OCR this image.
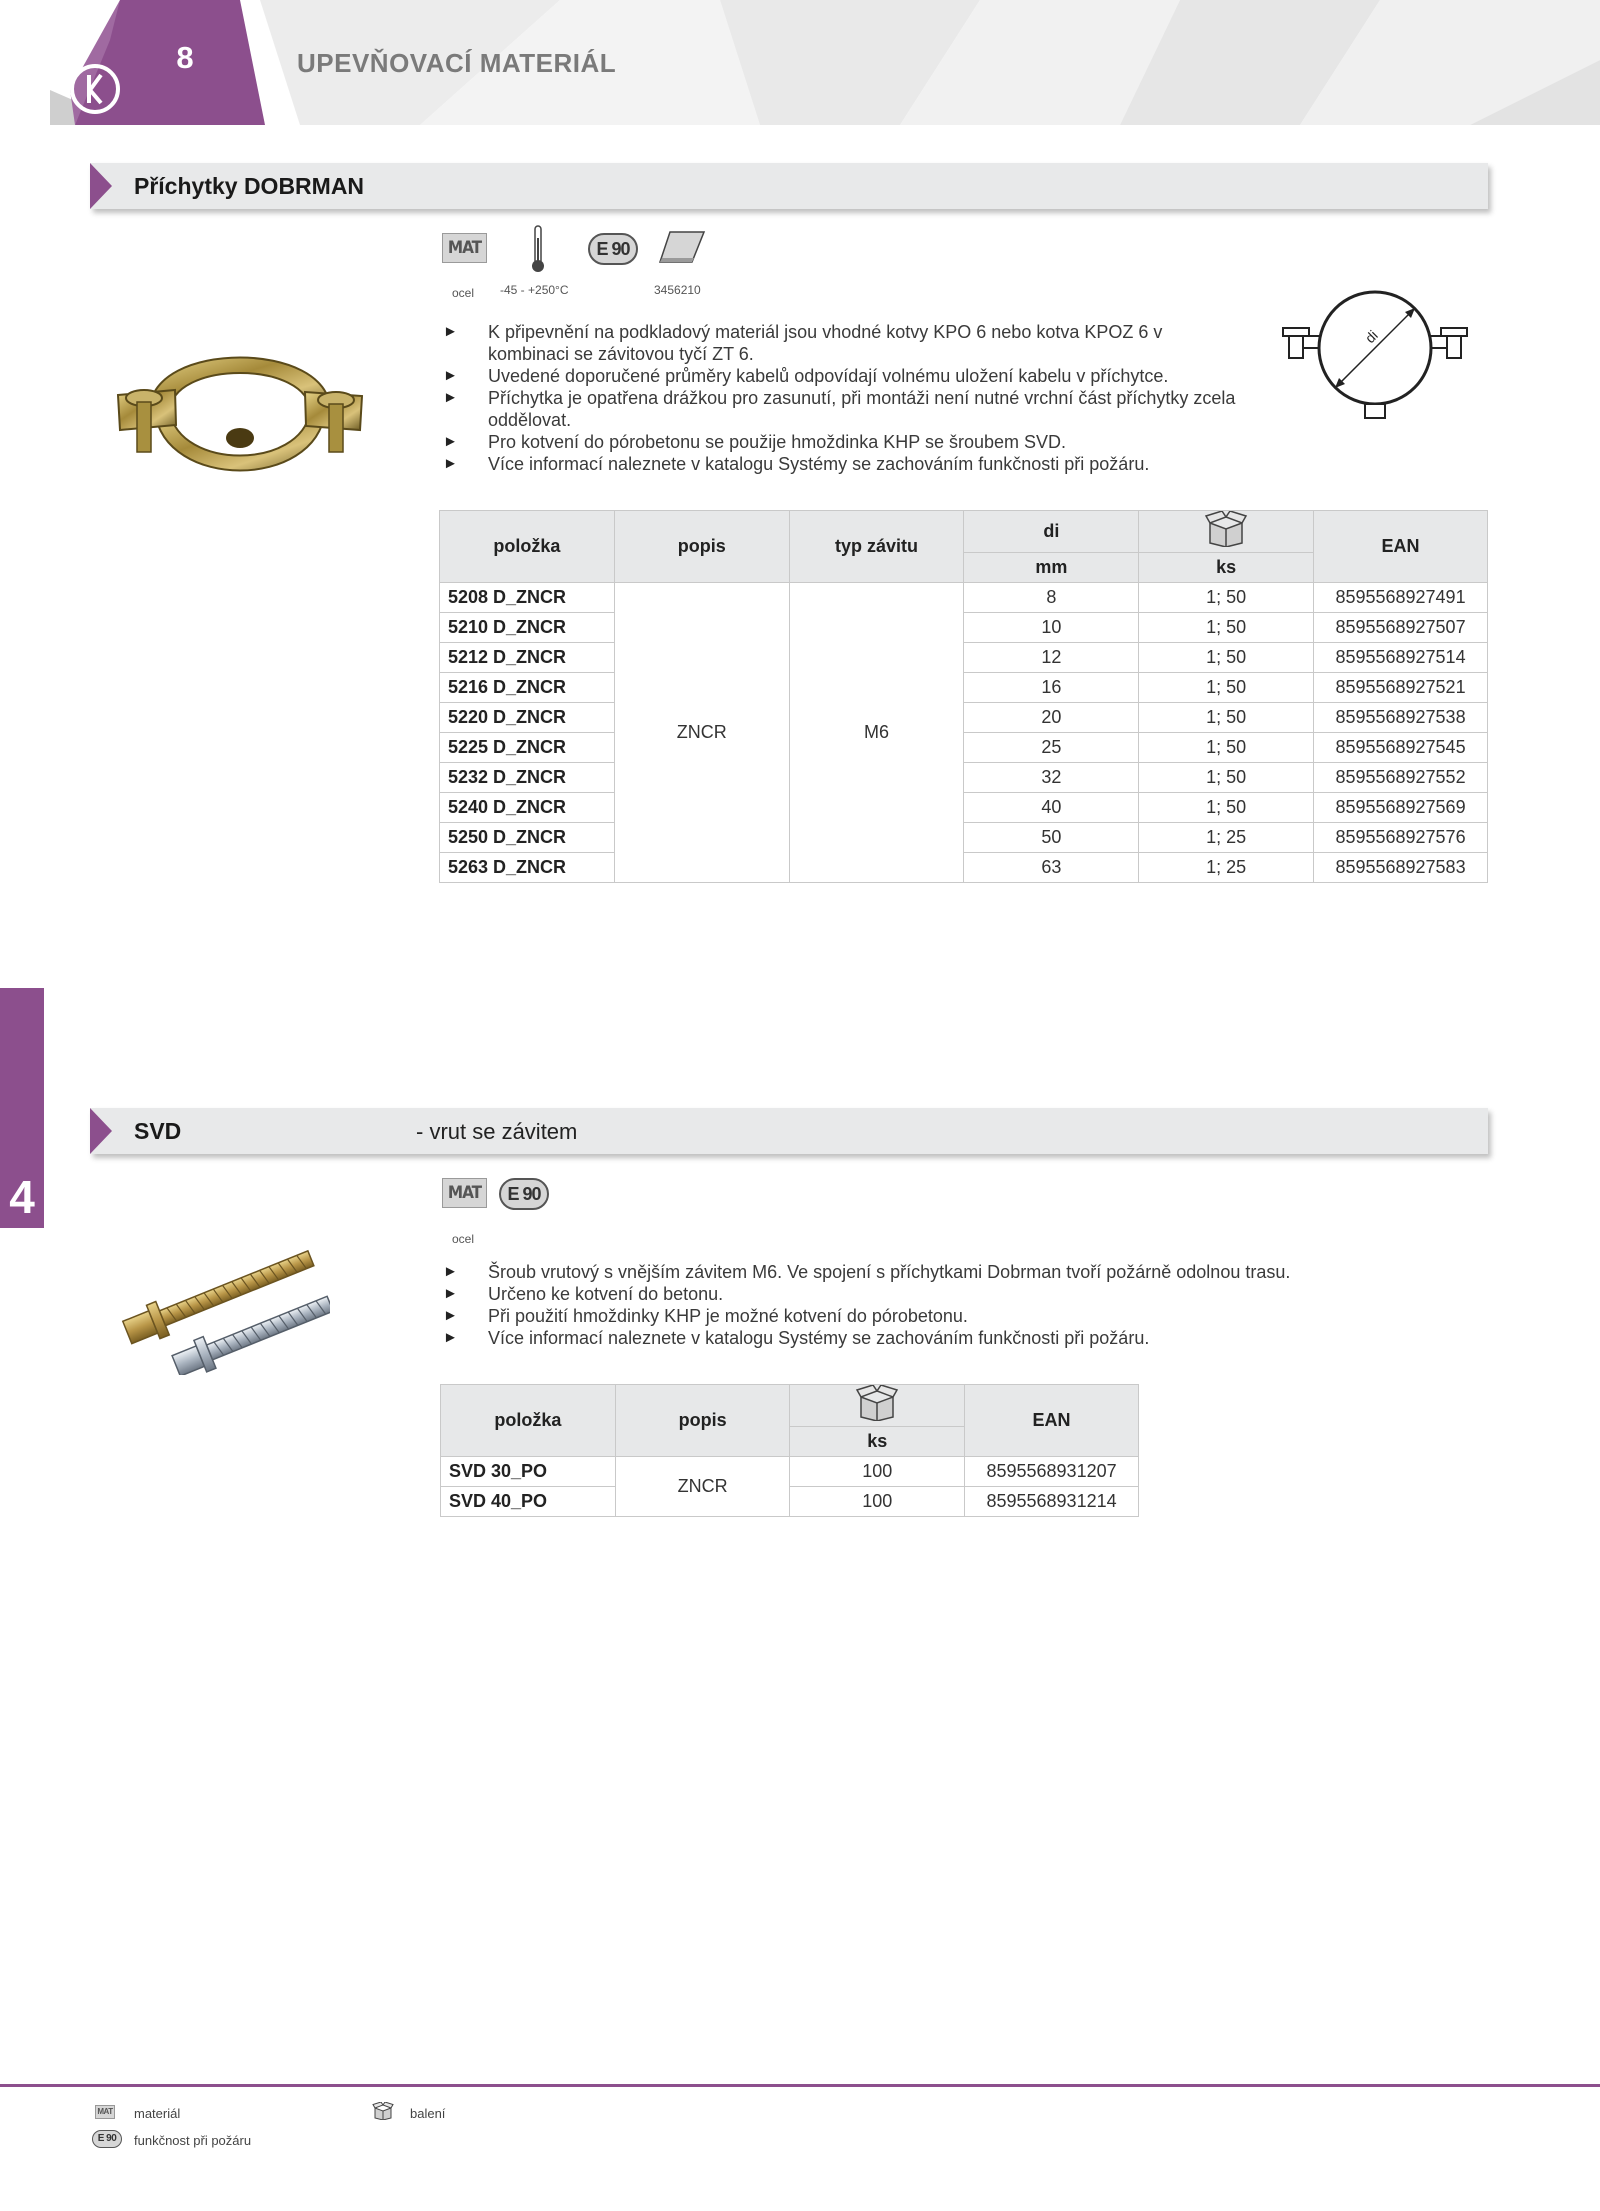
8	UPEVŇOVACÍ MATERIÁL
Příchytky DOBRMAN
MAT	E 90
ocel -45 - +250°C	3456210
► K připevnění na podkladový materiál jsou vhodné kotvy KPO 6 nebo kotva KPOZ 6 v kombinaci se závitovou tyčí ZT 6.
► Uvedené doporučené průměry kabelů odpovídají volnému uložení kabelu v příchytce.
► Příchytka je opatřena drážkou pro zasunutí, při montáži není nutné vrchní část příchytky zcela oddělovat.
► Pro kotvení do pórobetonu se použije hmoždinka KHP se šroubem SVD.
► Více informací naleznete v katalogu Systémy se zachováním funkčnosti při požáru.
di
položka	popis	typ závitu	di		EAN
			mm	ks	
5208 D_ZNCR	ZNCR	M6	8	1; 50	8595568927491
5210 D_ZNCR			10	1; 50	8595568927507
5212 D_ZNCR			12	1; 50	8595568927514
5216 D_ZNCR			16	1; 50	8595568927521
5220 D_ZNCR			20	1; 50	8595568927538
5225 D_ZNCR			25	1; 50	8595568927545
5232 D_ZNCR			32	1; 50	8595568927552
5240 D_ZNCR			40	1; 50	8595568927569
5250 D_ZNCR			50	1; 25	8595568927576
5263 D_ZNCR			63	1; 25	8595568927583
4
SVD	- vrut se závitem
MAT	E 90
ocel
► Šroub vrutový s vnějším závitem M6. Ve spojení s příchytkami Dobrman tvoří požárně odolnou trasu.
► Určeno ke kotvení do betonu.
► Při použití hmoždinky KHP je možné kotvení do pórobetonu.
► Více informací naleznete v katalogu Systémy se zachováním funkčnosti při požáru.
položka	popis		EAN
		ks	
SVD 30_PO	ZNCR	100	8595568931207
SVD 40_PO		100	8595568931214
MAT materiál
E 90	funkčnost při požáru
balení
